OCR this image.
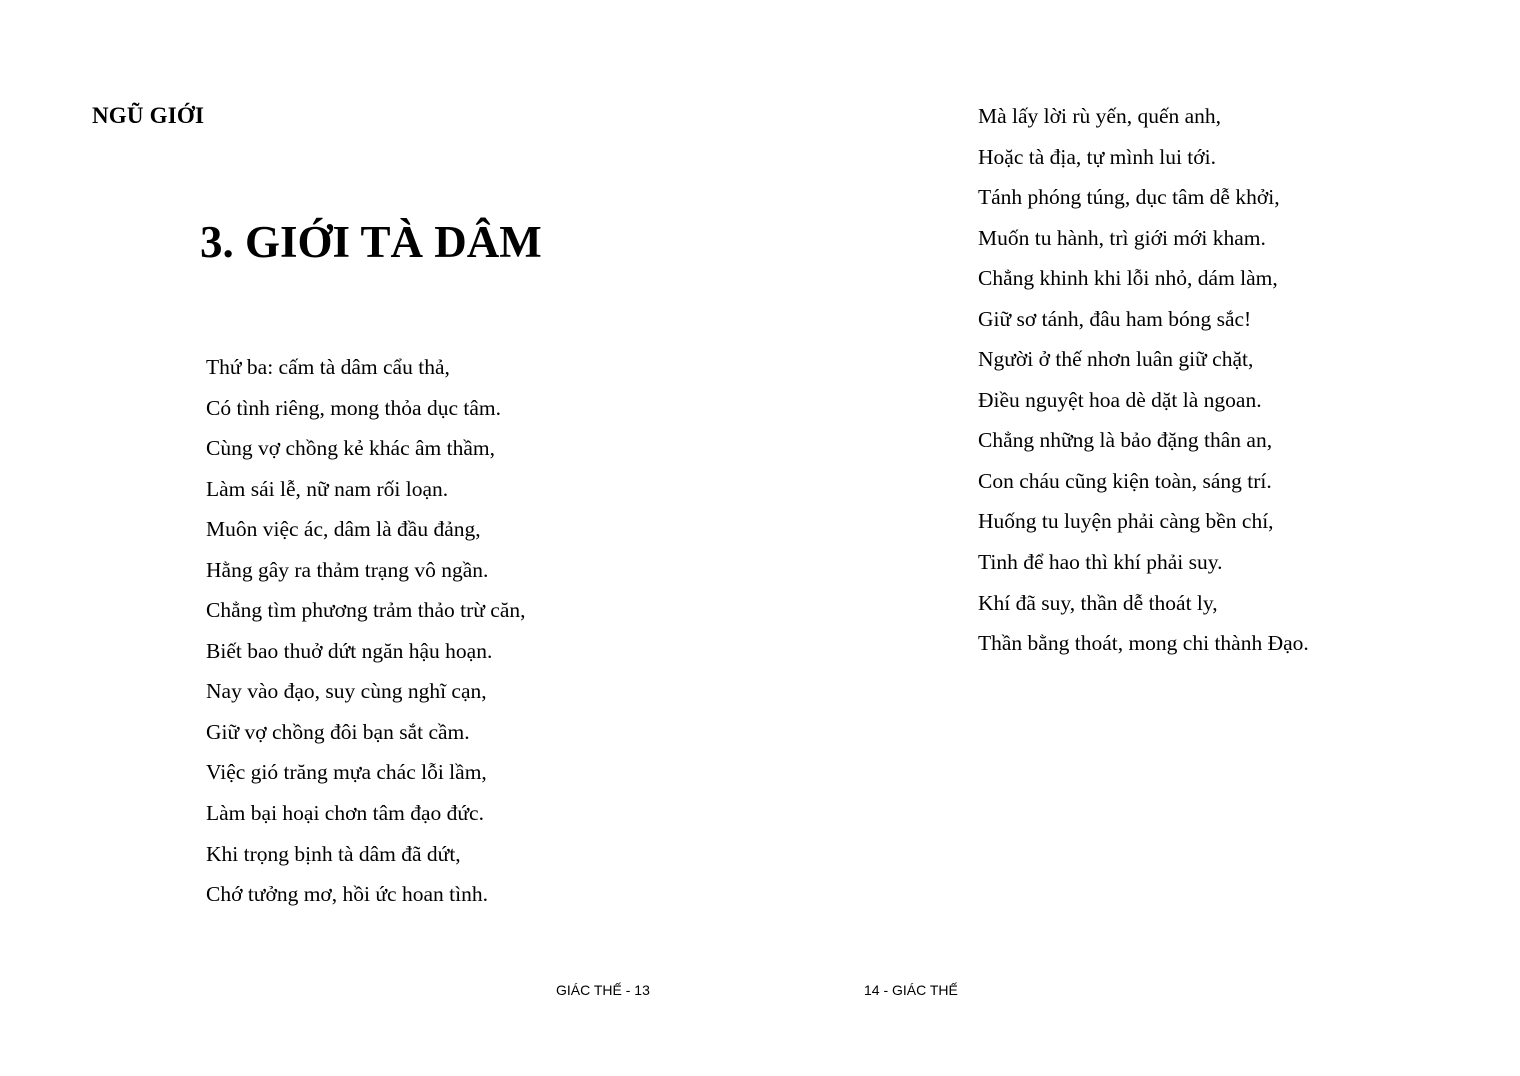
NGŨ GIỚI
3. GIỚI TÀ DÂM
Thứ ba: cấm tà dâm cẩu thả,
Có tình riêng, mong thỏa dục tâm.
Cùng vợ chồng kẻ khác âm thầm,
Làm sái lễ, nữ nam rối loạn.
Muôn việc ác, dâm là đầu đảng,
Hằng gây ra thảm trạng vô ngần.
Chẳng tìm phương trảm thảo trừ căn,
Biết bao thuở dứt ngăn hậu hoạn.
Nay vào đạo, suy cùng nghĩ cạn,
Giữ vợ chồng đôi bạn sắt cầm.
Việc gió trăng mựa chác lỗi lầm,
Làm bại hoại chơn tâm đạo đức.
Khi trọng bịnh tà dâm đã dứt,
Chớ tưởng mơ, hồi ức hoan tình.
GIÁC THẾ - 13
Mà lấy lời rù yến, quến anh,
Hoặc tà địa, tự mình lui tới.
Tánh phóng túng, dục tâm dễ khởi,
Muốn tu hành, trì giới mới kham.
Chẳng khinh khi lỗi nhỏ, dám làm,
Giữ sơ tánh, đâu ham bóng sắc!
Người ở thế nhơn luân giữ chặt,
Điều nguyệt hoa dè dặt là ngoan.
Chẳng những là bảo đặng thân an,
Con cháu cũng kiện toàn, sáng trí.
Huống tu luyện phải càng bền chí,
Tinh để hao thì khí phải suy.
Khí đã suy, thần dễ thoát ly,
Thần bằng thoát, mong chi thành Đạo.
14 - GIÁC THẾ
